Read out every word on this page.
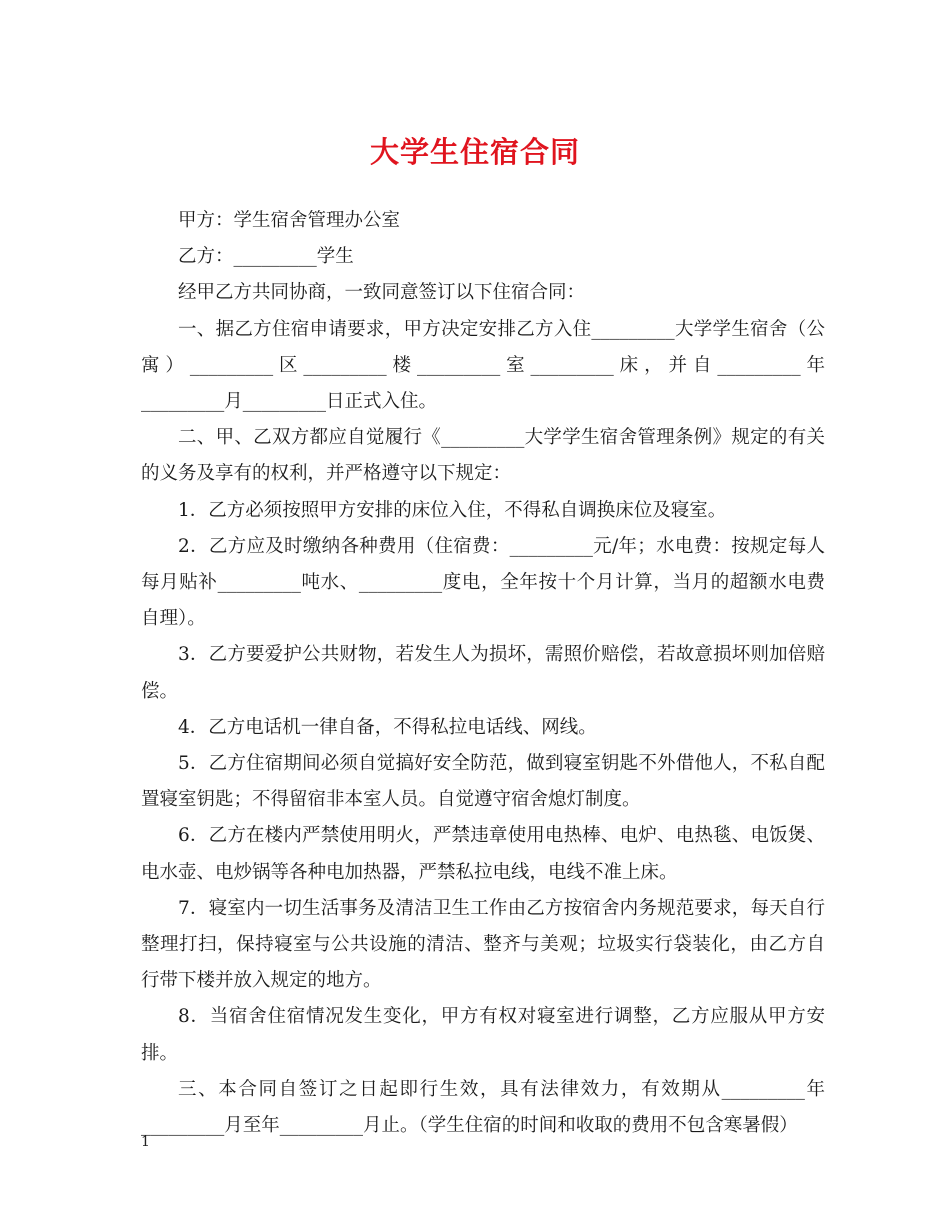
大学生住宿合同

甲方：学生宿舍管理办公室

乙方：_________学生

经甲乙方共同协商，一致同意签订以下住宿合同：

一、据乙方住宿申请要求，甲方决定安排乙方入住_________大学学生宿舍（公寓）_________区_________楼_________室_________床，并自_________年_________月_________日正式入住。

二、甲、乙双方都应自觉履行《_________大学学生宿舍管理条例》规定的有关的义务及享有的权利，并严格遵守以下规定：

1．乙方必须按照甲方安排的床位入住，不得私自调换床位及寝室。

2．乙方应及时缴纳各种费用（住宿费：_________元/年；水电费：按规定每人每月贴补_________吨水、_________度电，全年按十个月计算，当月的超额水电费自理）。

3．乙方要爱护公共财物，若发生人为损坏，需照价赔偿，若故意损坏则加倍赔偿。

4．乙方电话机一律自备，不得私拉电话线、网线。

5．乙方住宿期间必须自觉搞好安全防范，做到寝室钥匙不外借他人，不私自配置寝室钥匙；不得留宿非本室人员。自觉遵守宿舍熄灯制度。

6．乙方在楼内严禁使用明火，严禁违章使用电热棒、电炉、电热毯、电饭煲、电水壶、电炒锅等各种电加热器，严禁私拉电线，电线不准上床。

7．寝室内一切生活事务及清洁卫生工作由乙方按宿舍内务规范要求，每天自行整理打扫，保持寝室与公共设施的清洁、整齐与美观；垃圾实行袋装化，由乙方自行带下楼并放入规定的地方。

8．当宿舍住宿情况发生变化，甲方有权对寝室进行调整，乙方应服从甲方安排。

三、本合同自签订之日起即行生效，具有法律效力，有效期从_________年_________月至年_________月止。（学生住宿的时间和收取的费用不包含寒暑假）

1
